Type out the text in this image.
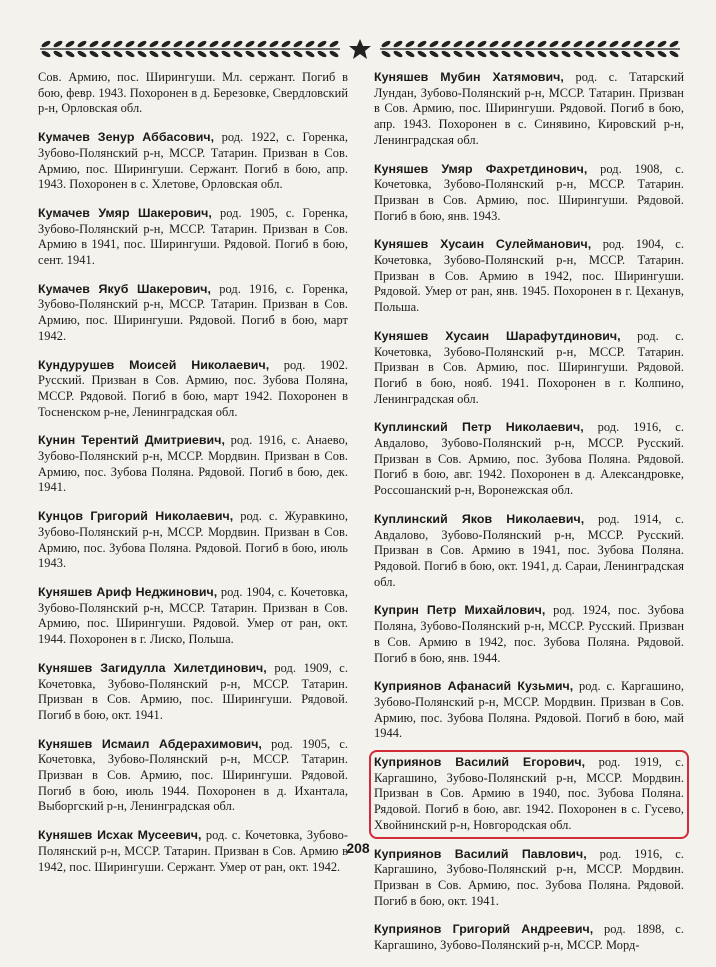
Сов. Армию, пос. Ширингуши. Мл. сержант. Погиб в бою, февр. 1943. Похоронен в д. Березовке, Свердловский р-н, Орловская обл.

Кумачев Зенур Аббасович, род. 1922, с. Горенка, Зубово-Полянский р-н, МССР. Татарин. Призван в Сов. Армию, пос. Ширингуши. Сержант. Погиб в бою, апр. 1943. Похоронен в с. Хлетове, Орловская обл.

Кумачев Умяр Шакерович, род. 1905, с. Горенка, Зубово-Полянский р-н, МССР. Татарин. Призван в Сов. Армию в 1941, пос. Ширингуши. Рядовой. Погиб в бою, сент. 1941.

Кумачев Якуб Шакерович, род. 1916, с. Горенка, Зубово-Полянский р-н, МССР. Татарин. Призван в Сов. Армию, пос. Ширингуши. Рядовой. Погиб в бою, март 1942.

Кундурушев Моисей Николаевич, род. 1902. Русский. Призван в Сов. Армию, пос. Зубова Поляна, МССР. Рядовой. Погиб в бою, март 1942. Похоронен в Тосненском р-не, Ленинградская обл.

Кунин Терентий Дмитриевич, род. 1916, с. Анаево, Зубово-Полянский р-н, МССР. Мордвин. Призван в Сов. Армию, пос. Зубова Поляна. Рядовой. Погиб в бою, дек. 1941.

Кунцов Григорий Николаевич, род. с. Журавкино, Зубово-Полянский р-н, МССР. Мордвин. Призван в Сов. Армию, пос. Зубова Поляна. Рядовой. Погиб в бою, июль 1943.

Куняшев Ариф Неджинович, род. 1904, с. Кочетовка, Зубово-Полянский р-н, МССР. Татарин. Призван в Сов. Армию, пос. Ширингуши. Рядовой. Умер от ран, окт. 1944. Похоронен в г. Лиско, Польша.

Куняшев Загидулла Хилетдинович, род. 1909, с. Кочетовка, Зубово-Полянский р-н, МССР. Татарин. Призван в Сов. Армию, пос. Ширингуши. Рядовой. Погиб в бою, окт. 1941.

Куняшев Исмаил Абдерахимович, род. 1905, с. Кочетовка, Зубово-Полянский р-н, МССР. Татарин. Призван в Сов. Армию, пос. Ширингуши. Рядовой. Погиб в бою, июль 1944. Похоронен в д. Ихантала, Выборгский р-н, Ленинградская обл.

Куняшев Исхак Мусеевич, род. с. Кочетовка, Зубово-Полянский р-н, МССР. Татарин. Призван в Сов. Армию в 1942, пос. Ширингуши. Сержант. Умер от ран, окт. 1942.

Куняшев Мубин Хатямович, род. с. Татарский Лундан, Зубово-Полянский р-н, МССР. Татарин. Призван в Сов. Армию, пос. Ширингуши. Рядовой. Погиб в бою, апр. 1943. Похоронен в с. Синявино, Кировский р-н, Ленинградская обл.

Куняшев Умяр Фахретдинович, род. 1908, с. Кочетовка, Зубово-Полянский р-н, МССР. Татарин. Призван в Сов. Армию, пос. Ширингуши. Рядовой. Погиб в бою, янв. 1943.

Куняшев Хусаин Сулейманович, род. 1904, с. Кочетовка, Зубово-Полянский р-н, МССР. Татарин. Призван в Сов. Армию в 1942, пос. Ширингуши. Рядовой. Умер от ран, янв. 1945. Похоронен в г. Цеханув, Польша.

Куняшев Хусаин Шарафутдинович, род. с. Кочетовка, Зубово-Полянский р-н, МССР. Татарин. Призван в Сов. Армию, пос. Ширингуши. Рядовой. Погиб в бою, нояб. 1941. Похоронен в г. Колпино, Ленинградская обл.

Куплинский Петр Николаевич, род. 1916, с. Авдалово, Зубово-Полянский р-н, МССР. Русский. Призван в Сов. Армию, пос. Зубова Поляна. Рядовой. Погиб в бою, авг. 1942. Похоронен в д. Александровке, Россошанский р-н, Воронежская обл.

Куплинский Яков Николаевич, род. 1914, с. Авдалово, Зубово-Полянский р-н, МССР. Русский. Призван в Сов. Армию в 1941, пос. Зубова Поляна. Рядовой. Погиб в бою, окт. 1941, д. Сараи, Ленинградская обл.

Куприн Петр Михайлович, род. 1924, пос. Зубова Поляна, Зубово-Полянский р-н, МССР. Русский. Призван в Сов. Армию в 1942, пос. Зубова Поляна. Рядовой. Погиб в бою, янв. 1944.

Куприянов Афанасий Кузьмич, род. с. Каргашино, Зубово-Полянский р-н, МССР. Мордвин. Призван в Сов. Армию, пос. Зубова Поляна. Рядовой. Погиб в бою, май 1944.

Куприянов Василий Егорович, род. 1919, с. Каргашино, Зубово-Полянский р-н, МССР. Мордвин. Призван в Сов. Армию в 1940, пос. Зубова Поляна. Рядовой. Погиб в бою, авг. 1942. Похоронен в с. Гусево, Хвойнинский р-н, Новгородская обл.

Куприянов Василий Павлович, род. 1916, с. Каргашино, Зубово-Полянский р-н, МССР. Мордвин. Призван в Сов. Армию, пос. Зубова Поляна. Рядовой. Погиб в бою, окт. 1941.

Куприянов Григорий Андреевич, род. 1898, с. Каргашино, Зубово-Полянский р-н, МССР. Морд-

208
